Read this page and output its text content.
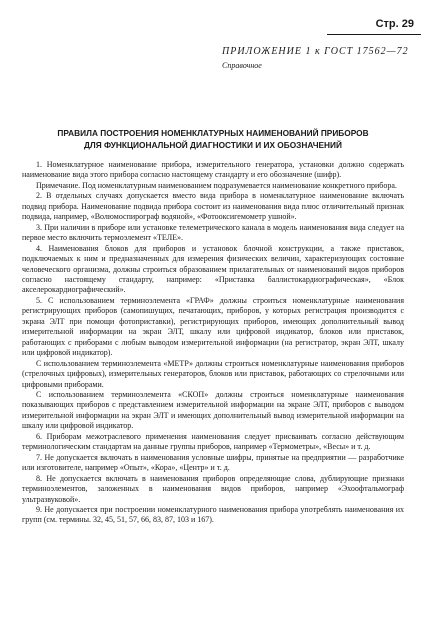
Стр. 29
ПРИЛОЖЕНИЕ 1 к ГОСТ 17562—72
Справочное
ПРАВИЛА ПОСТРОЕНИЯ НОМЕНКЛАТУРНЫХ НАИМЕНОВАНИЙ ПРИБОРОВ
ДЛЯ ФУНКЦИОНАЛЬНОЙ ДИАГНОСТИКИ И ИХ ОБОЗНАЧЕНИЙ

1. Номенклатурное наименование прибора, измерительного генератора, установки должно содержать наименование вида этого прибора согласно настоящему стандарту и его обозначение (шифр).

Примечание. Под номенклатурным наименованием подразумевается наименование конкретного прибора.

2. В отдельных случаях допускается вместо вида прибора в номенклатурное наименование включать подвид прибора. Наименование подвида прибора состоит из наименования вида плюс отличительный признак подвида, например, «Волюмоспирограф водяной», «Фотооксигемометр ушной».

3. При наличии в приборе или установке телеметрического канала в модель наименования вида следует на первое место включить термоэлемент «ТЕЛЕ».

4. Наименования блоков для приборов и установок блочной конструкции, а также приставок, подключаемых к ним и предназначенных для измерения физических величин, характеризующих состояние человеческого организма, должны строиться образованием прилагательных от наименований видов приборов согласно настоящему стандарту, например: «Приставка баллистокардиографическая», «Блок акселерокардиографический».

5. С использованием терминоэлемента «ГРАФ» должны строиться номенклатурные наименования регистрирующих приборов (самопишущих, печатающих, приборов, у которых регистрация производится с экрана ЭЛТ при помощи фотоприставки), регистрирующих приборов, имеющих дополнительный вывод измерительной информации на экран ЭЛТ, шкалу или цифровой индикатор, блоков или приставок, работающих с приборами с любым выводом измерительной информации (на регистратор, экран ЭЛТ, шкалу или цифровой индикатор).

С использованием терминоэлемента «МЕТР» должны строиться номенклатурные наименования приборов (стрелочных цифровых), измерительных генераторов, блоков или приставок, работающих со стрелочными или цифровыми приборами.

С использованием терминоэлемента «СКОП» должны строиться номенклатурные наименования показывающих приборов с представлением измерительной информации на экране ЭЛТ, приборов с выводом измерительной информации на экран ЭЛТ и имеющих дополнительный вывод измерительной информации на шкалу или цифровой индикатор.

6. Приборам межотраслевого применения наименования следует присваивать согласно действующим терминологическим стандартам на данные группы приборов, например «Термометры», «Весы» и т. д.

7. Не допускается включать в наименования условные шифры, принятые на предприятии — разработчике или изготовителе, например «Опыт», «Кора», «Центр» и т. д.

8. Не допускается включать в наименования приборов определяющие слова, дублирующие признаки терминоэлементов, заложенных в наименования видов приборов, например «Эхоофтальмограф ультразвуковой».

9. Не допускается при построении номенклатурного наименования прибора употреблять наименования их групп (см. термины. 32, 45, 51, 57, 66, 83, 87, 103 и 167).
